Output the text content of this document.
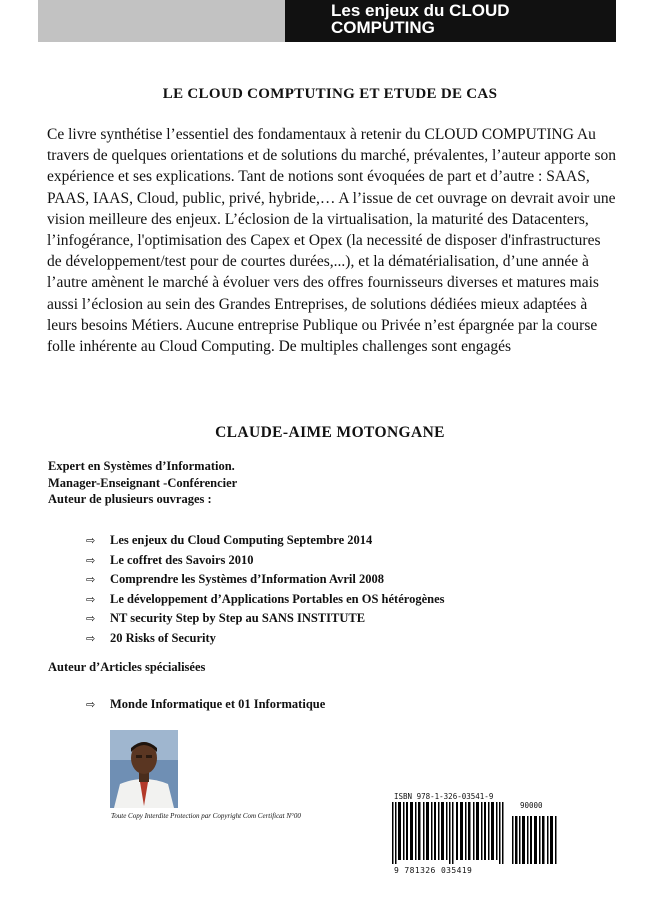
Les enjeux du CLOUD
COMPUTING
LE CLOUD COMPTUTING ET ETUDE DE CAS

Ce livre synthétise l’essentiel des fondamentaux à retenir du CLOUD COMPUTING Au travers de quelques orientations et de solutions du marché, prévalentes, l’auteur apporte son expérience et ses explications. Tant de notions sont évoquées de part et d’autre : SAAS, PAAS, IAAS, Cloud, public, privé, hybride,… A l’issue de cet ouvrage on devrait avoir une vision meilleure des enjeux. L’éclosion de la virtualisation, la maturité des Datacenters, l’infogérance, l'optimisation des Capex et Opex (la necessité de disposer d'infrastructures de développement/test pour de courtes durées,...), et la dématérialisation, d’une année à l’autre amènent le marché à évoluer vers des offres fournisseurs diverses et matures mais aussi l’éclosion au sein des Grandes Entreprises, de solutions dédiées mieux adaptées à leurs besoins Métiers. Aucune entreprise Publique ou Privée n’est épargnée par la course folle inhérente au Cloud Computing. De multiples challenges sont engagés

CLAUDE-AIME MOTONGANE
Expert en Systèmes d’Information.
Manager-Enseignant -Conférencier
Auteur de plusieurs ouvrages :
⇨ Les enjeux du Cloud Computing Septembre 2014
⇨ Le coffret des Savoirs 2010
⇨ Comprendre les Systèmes d’Information Avril 2008
⇨ Le développement d’Applications Portables en OS hétérogènes
⇨ NT security Step by Step au SANS INSTITUTE
⇨ 20 Risks of Security
Auteur d’Articles spécialisées
⇨ Monde Informatique et 01 Informatique
Toute Copy Interdite Protection par Copyright Com Certificat N°00
ISBN 978-1-326-03541-9
90000
9 781326 035419
